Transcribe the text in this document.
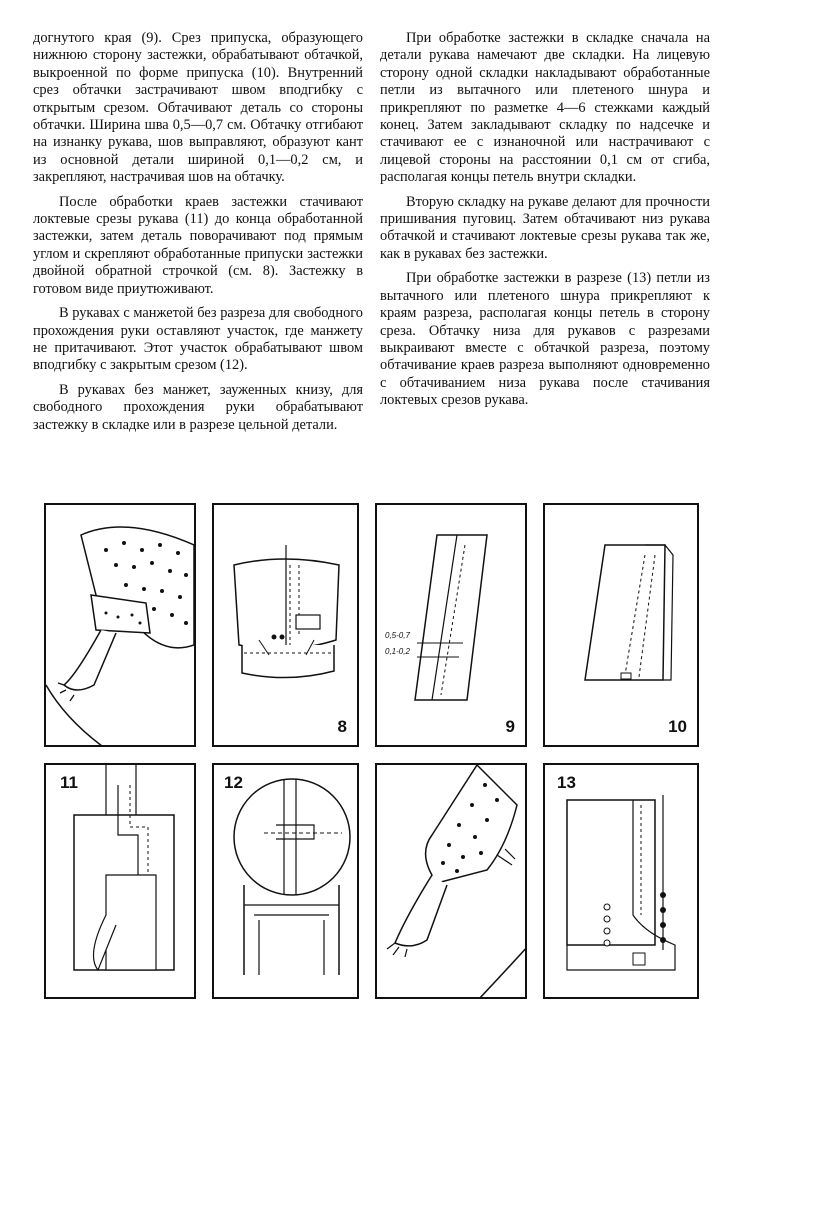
догнутого края (9). Срез припуска, образующего нижнюю сторону застежки, обрабатывают обтачкой, выкроенной по форме припуска (10). Внутренний срез обтачки застрачивают швом вподгибку с открытым срезом. Обтачивают деталь со стороны обтачки. Ширина шва 0,5—0,7 см. Обтачку отгибают на изнанку рукава, шов выправляют, образуют кант из основной детали шириной 0,1—0,2 см, и закрепляют, настрачивая шов на обтачку.

После обработки краев застежки стачивают локтевые срезы рукава (11) до конца обработанной застежки, затем деталь поворачивают под прямым углом и скрепляют обработанные припуски застежки двойной обратной строчкой (см. 8). Застежку в готовом виде приутюживают.

В рукавах с манжетой без разреза для свободного прохождения руки оставляют участок, где манжету не притачивают. Этот участок обрабатывают швом вподгибку с закрытым срезом (12).

В рукавах без манжет, зауженных книзу, для свободного прохождения руки обрабатывают застежку в складке или в разрезе цельной детали.

При обработке застежки в складке сначала на детали рукава намечают две складки. На лицевую сторону одной складки накладывают обработанные петли из вытачного или плетеного шнура и прикрепляют по разметке 4—6 стежками каждый конец. Затем закладывают складку по надсечке и стачивают ее с изнаночной или настрачивают с лицевой стороны на расстоянии 0,1 см от сгиба, располагая концы петель внутри складки.

Вторую складку на рукаве делают для прочности пришивания пуговиц. Затем обтачивают низ рукава обтачкой и стачивают локтевые срезы рукава так же, как в рукавах без застежки.

При обработке застежки в разрезе (13) петли из вытачного или плетеного шнура прикрепляют к краям разреза, располагая концы петель в сторону среза. Обтачку низа для рукавов с разрезами выкраивают вместе с обтачкой разреза, поэтому обтачивание краев разреза выполняют одновременно с обтачиванием низа рукава после стачивания локтевых срезов рукава.

8
0,5-0,7
0,1-0,2
9	10
11	12	13
